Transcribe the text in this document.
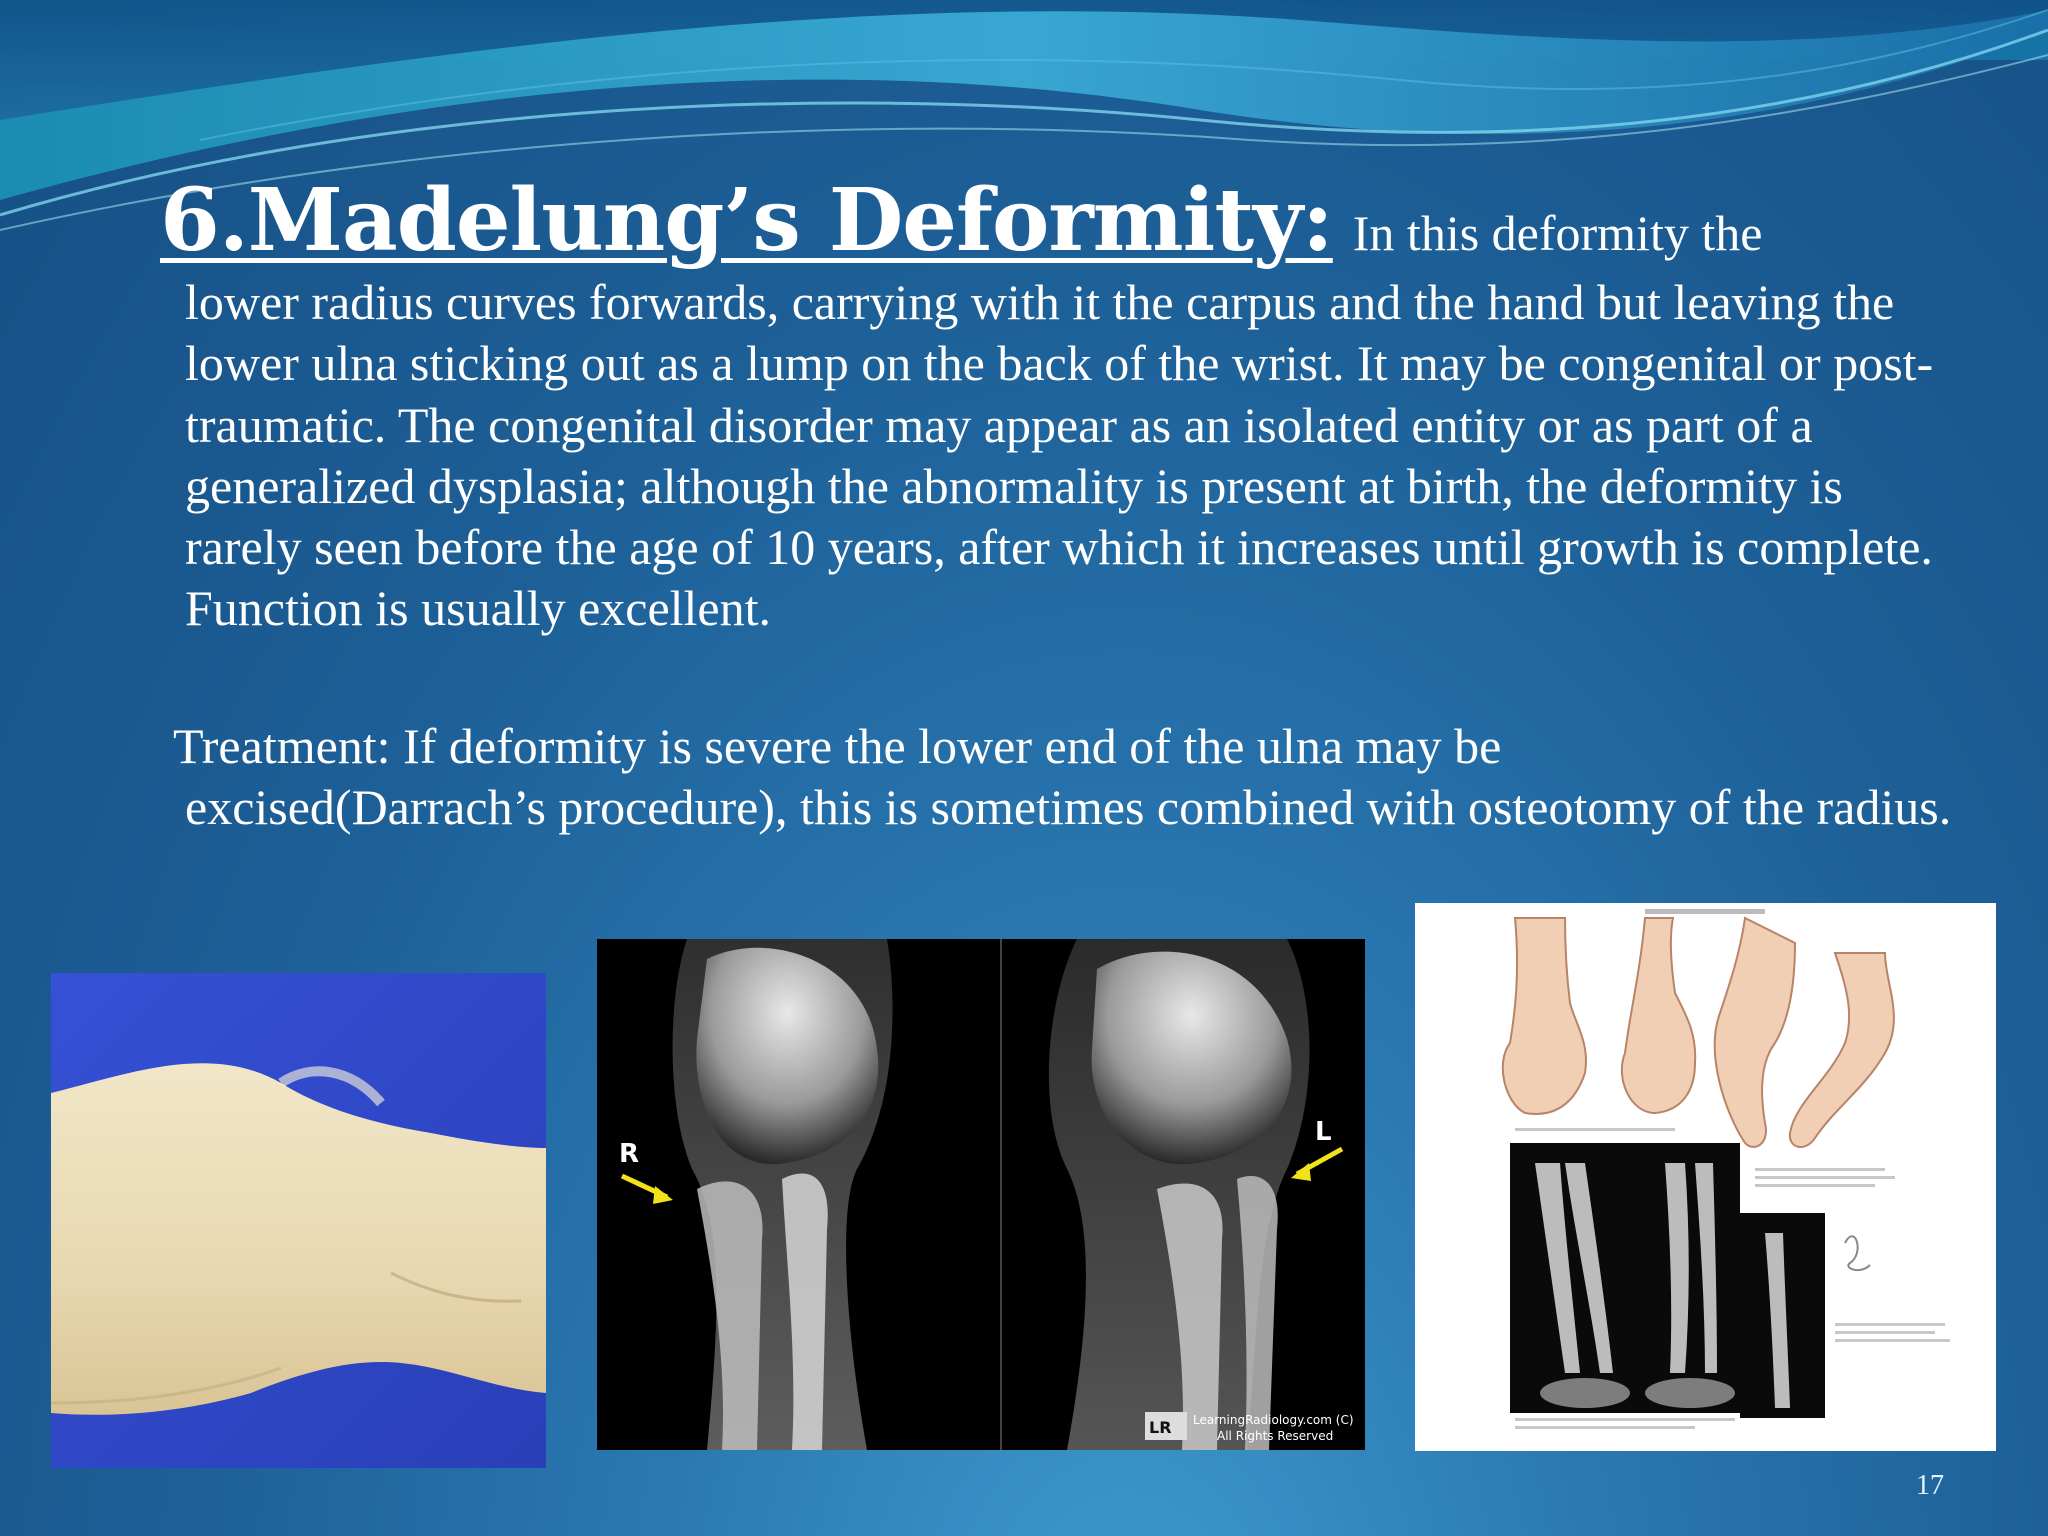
6.Madelung’s Deformity: In this deformity the
lower radius curves forwards, carrying with it the carpus and the hand but leaving the lower ulna sticking out as a lump on the back of the wrist. It may be congenital or post-traumatic. The congenital disorder may appear as an isolated entity or as part of a generalized dysplasia; although the abnormality is present at birth, the deformity is rarely seen before the age of 10 years, after which it increases until growth is complete. Function is usually excellent.
Treatment: If deformity is severe the lower end of the ulna may be
excised(Darrach’s procedure), this is sometimes combined with osteotomy of the radius.
R
L
LR LearningRadiology.com (C)
All Rights Reserved
17
